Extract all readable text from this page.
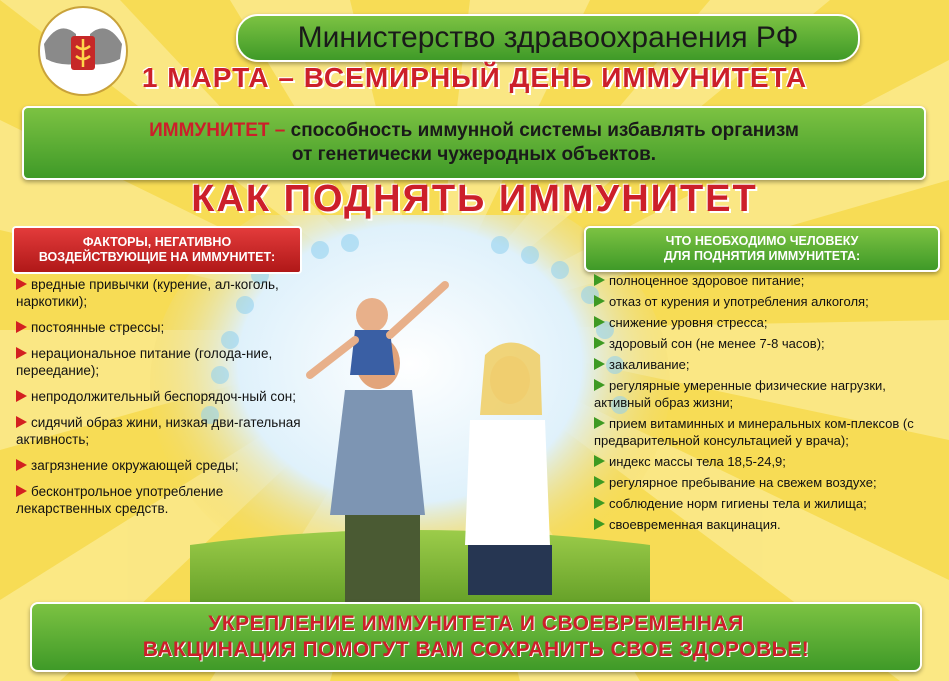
Министерство здравоохранения РФ
1 МАРТА – ВСЕМИРНЫЙ ДЕНЬ ИММУНИТЕТА
ИММУНИТЕТ – способность иммунной системы избавлять организм
от генетически чужеродных объектов.
КАК ПОДНЯТЬ ИММУНИТЕТ
ФАКТОРЫ, НЕГАТИВНО
ВОЗДЕЙСТВУЮЩИЕ НА ИММУНИТЕТ:
вредные привычки (курение, ал-коголь, наркотики);
постоянные стрессы;
нерациональное питание (голода-ние, переедание);
непродолжительный беспорядоч-ный сон;
сидячий образ жини, низкая дви-гательная активность;
загрязнение окружающей среды;
бесконтрольное употребление лекарственных средств.
ЧТО НЕОБХОДИМО ЧЕЛОВЕКУ
ДЛЯ ПОДНЯТИЯ ИММУНИТЕТА:
полноценное здоровое питание;
отказ от курения и употребления алкоголя;
снижение уровня стресса;
здоровый сон (не менее 7-8 часов);
закаливание;
регулярные умеренные физические нагрузки, активный образ жизни;
прием витаминных и минеральных ком-плексов (с предварительной консультацией у врача);
индекс массы тела 18,5-24,9;
регулярное пребывание на свежем воздухе;
соблюдение норм гигиены тела и жилища;
своевременная вакцинация.
УКРЕПЛЕНИЕ ИММУНИТЕТА И СВОЕВРЕМЕННАЯ
ВАКЦИНАЦИЯ ПОМОГУТ ВАМ СОХРАНИТЬ СВОЕ ЗДОРОВЬЕ!
